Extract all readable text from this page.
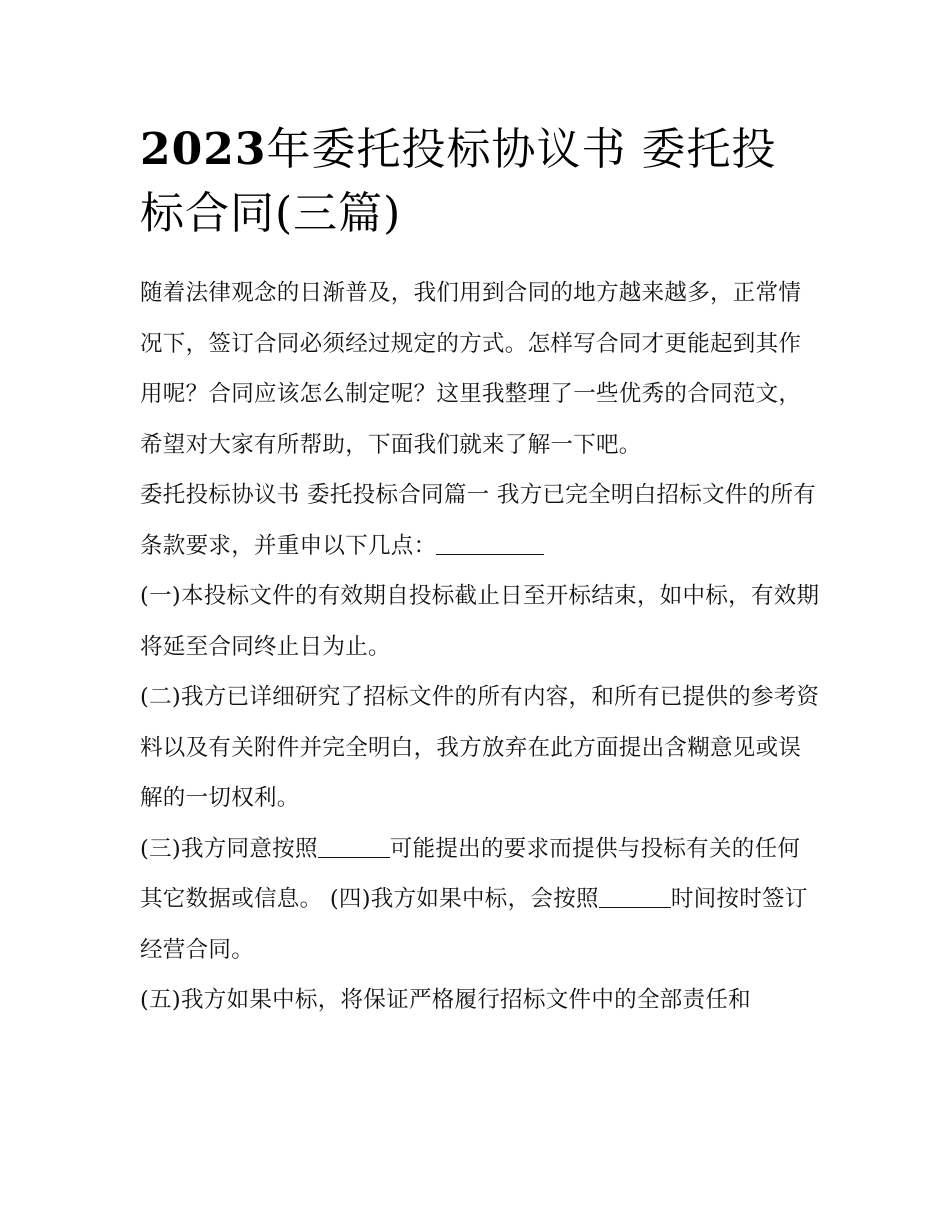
2023年委托投标协议书 委托投标合同(三篇)

随着法律观念的日渐普及，我们用到合同的地方越来越多，正常情况下，签订合同必须经过规定的方式。怎样写合同才更能起到其作用呢？合同应该怎么制定呢？这里我整理了一些优秀的合同范文，希望对大家有所帮助，下面我们就来了解一下吧。

委托投标协议书 委托投标合同篇一 我方已完全明白招标文件的所有条款要求，并重申以下几点：

(一)本投标文件的有效期自投标截止日至开标结束，如中标，有效期将延至合同终止日为止。

(二)我方已详细研究了招标文件的所有内容，和所有已提供的参考资料以及有关附件并完全明白，我方放弃在此方面提出含糊意见或误解的一切权利。

(三)我方同意按照	可能提出的要求而提供与投标有关的任何其它数据或信息。 (四)我方如果中标，会按照	时间按时签订经营合同。

(五)我方如果中标，将保证严格履行招标文件中的全部责任和
